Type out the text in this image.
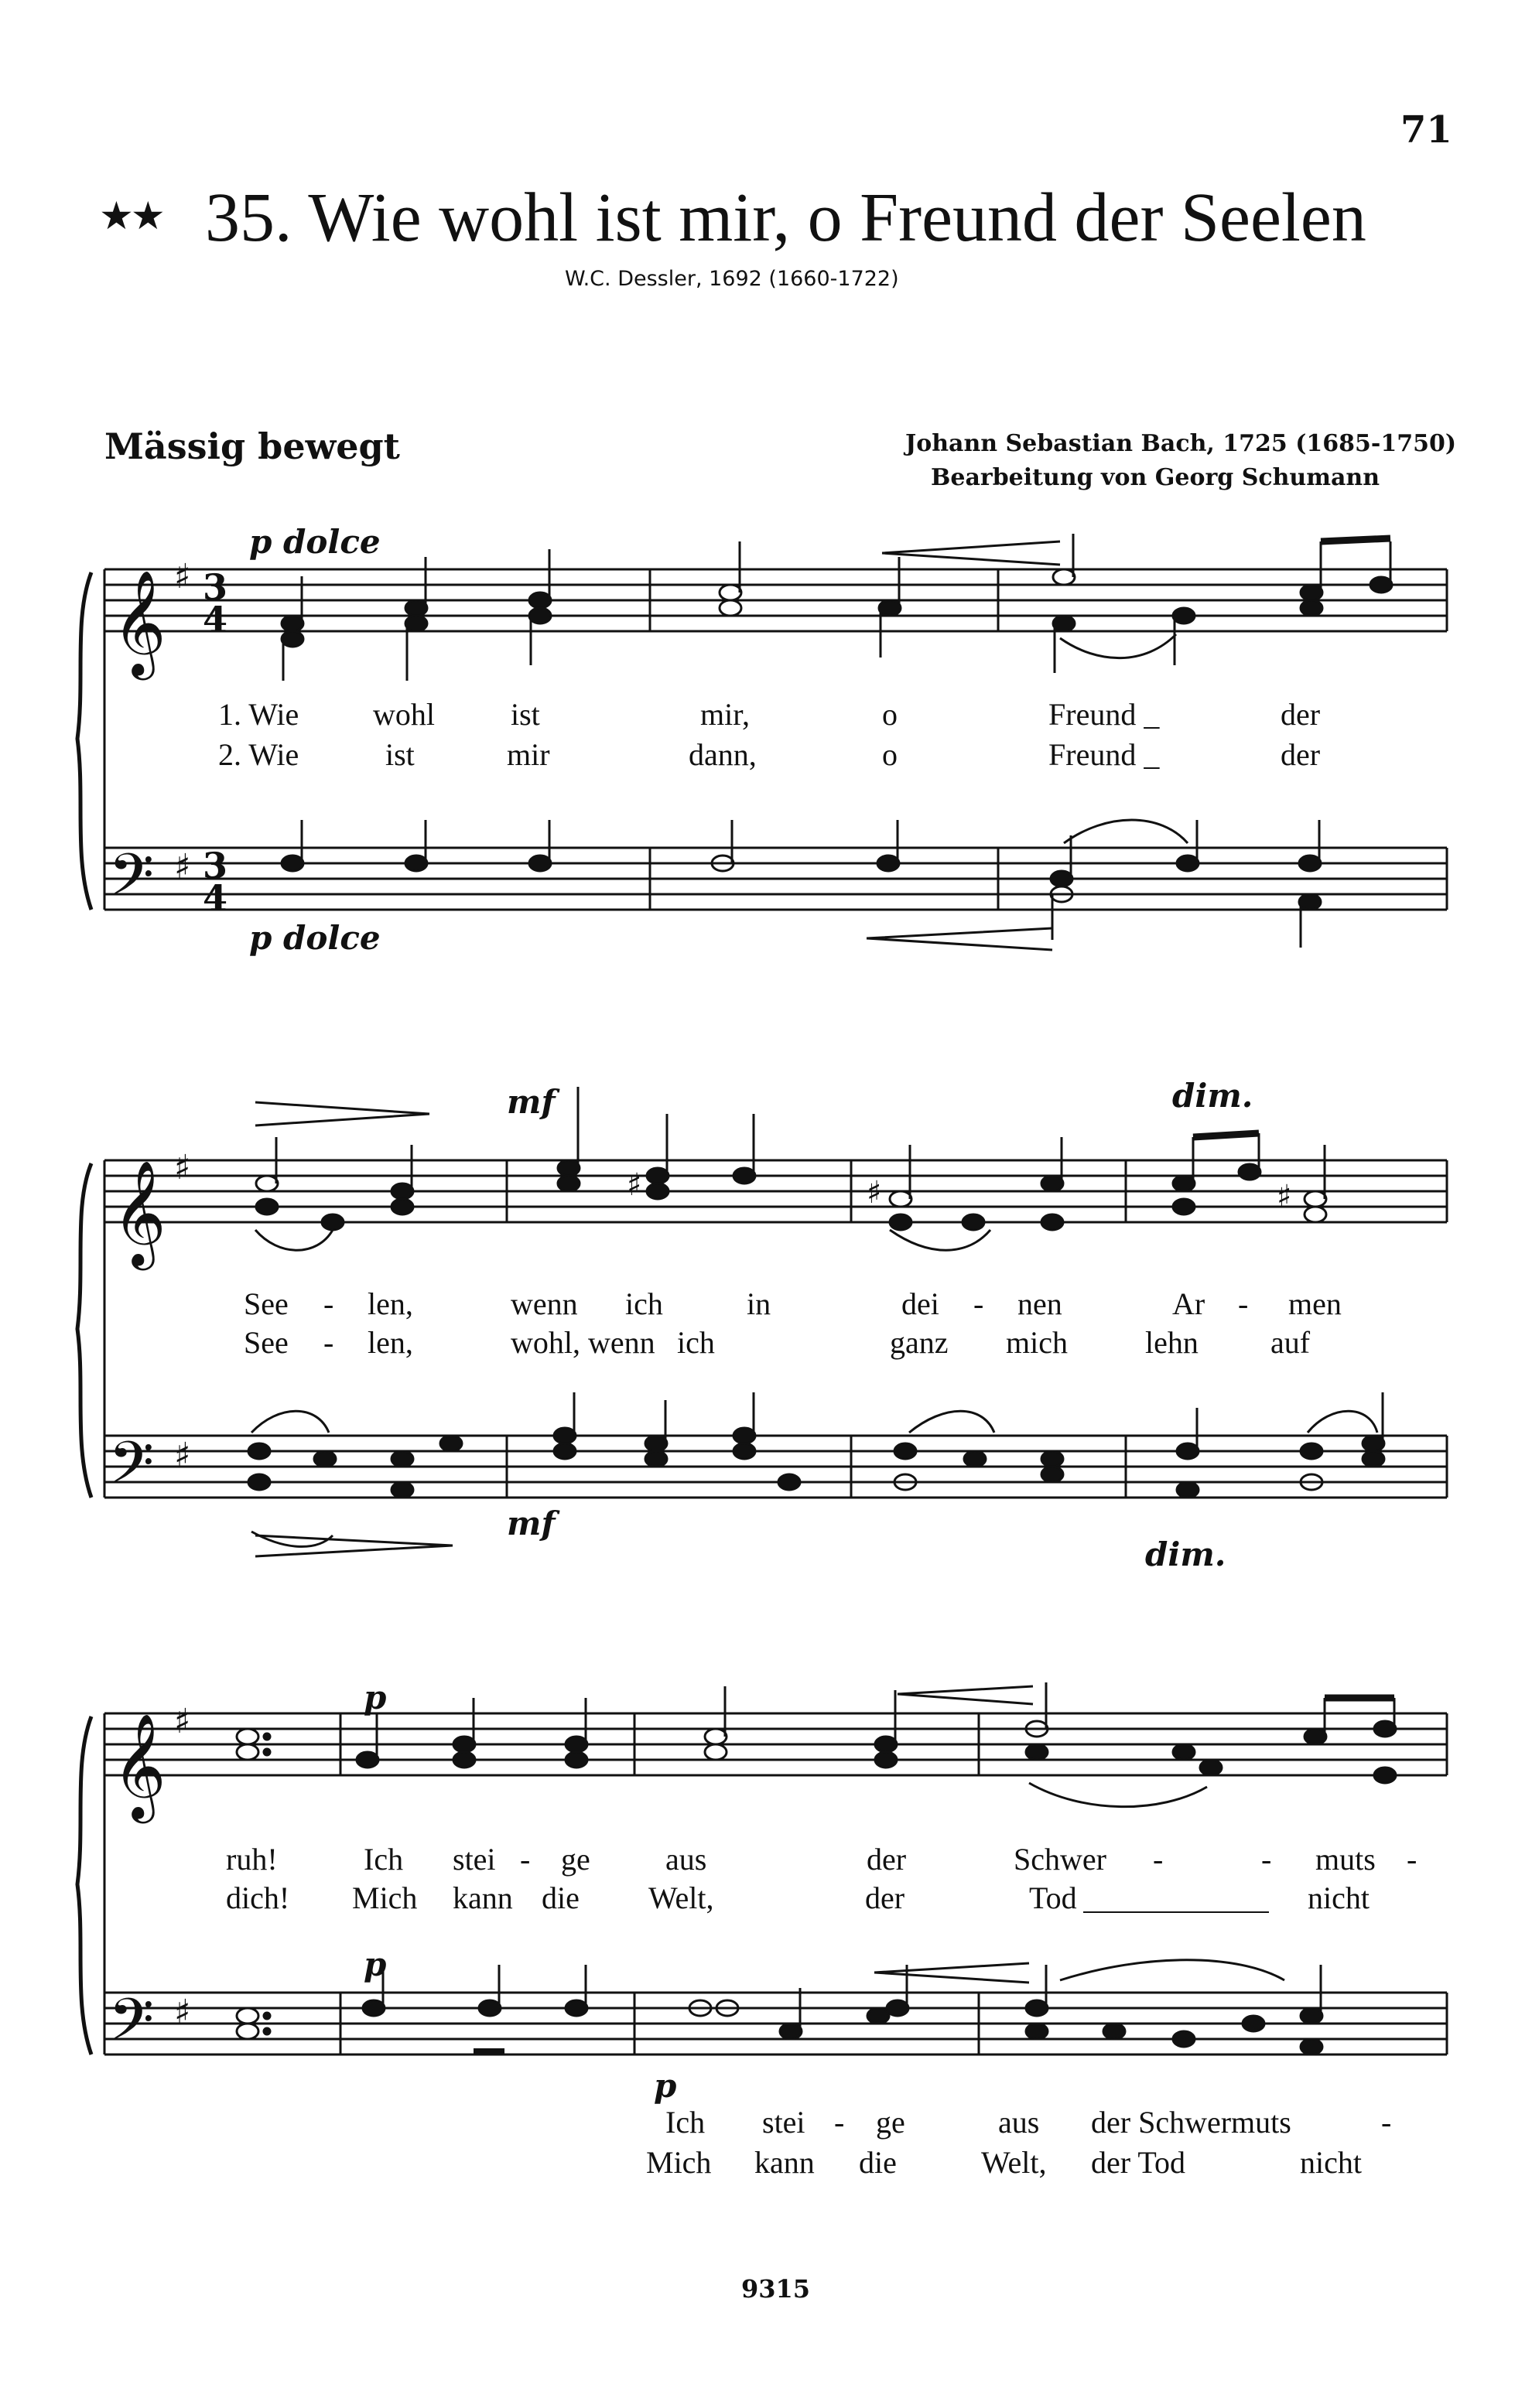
71
★★ 35. Wie wohl ist mir, o Freund der Seelen
W.C. Dessler, 1692 (1660-1722)
Mässig bewegt	Johann Sebastian Bach, 1725 (1685-1750)
Bearbeitung von Georg Schumann
𝄞
𝄢
𝄞
𝄢
𝄞
𝄢
♯
♯
♯
♯
♯
♯
3
4
3
4
♯	♯	♯
p dolce
p dolce
mf
mf
dim.
dim.
p
p
p
1. Wie wohl ist	mir,	o	Freund _	der
2. Wie	ist	mir	dann,	o	Freund _	der
See - len,	wenn ich	in	dei - nen	Ar - men
See - len,	wohl, wenn ich	ganz mich	lehn auf
ruh!	Ich stei - ge aus	der	Schwer -	- muts -
dich! Mich kann die Welt,	der	Tod	nicht
Ich stei - ge	aus der Schwermuts	-
Mich kann die	Welt, der Tod	nicht
9315
